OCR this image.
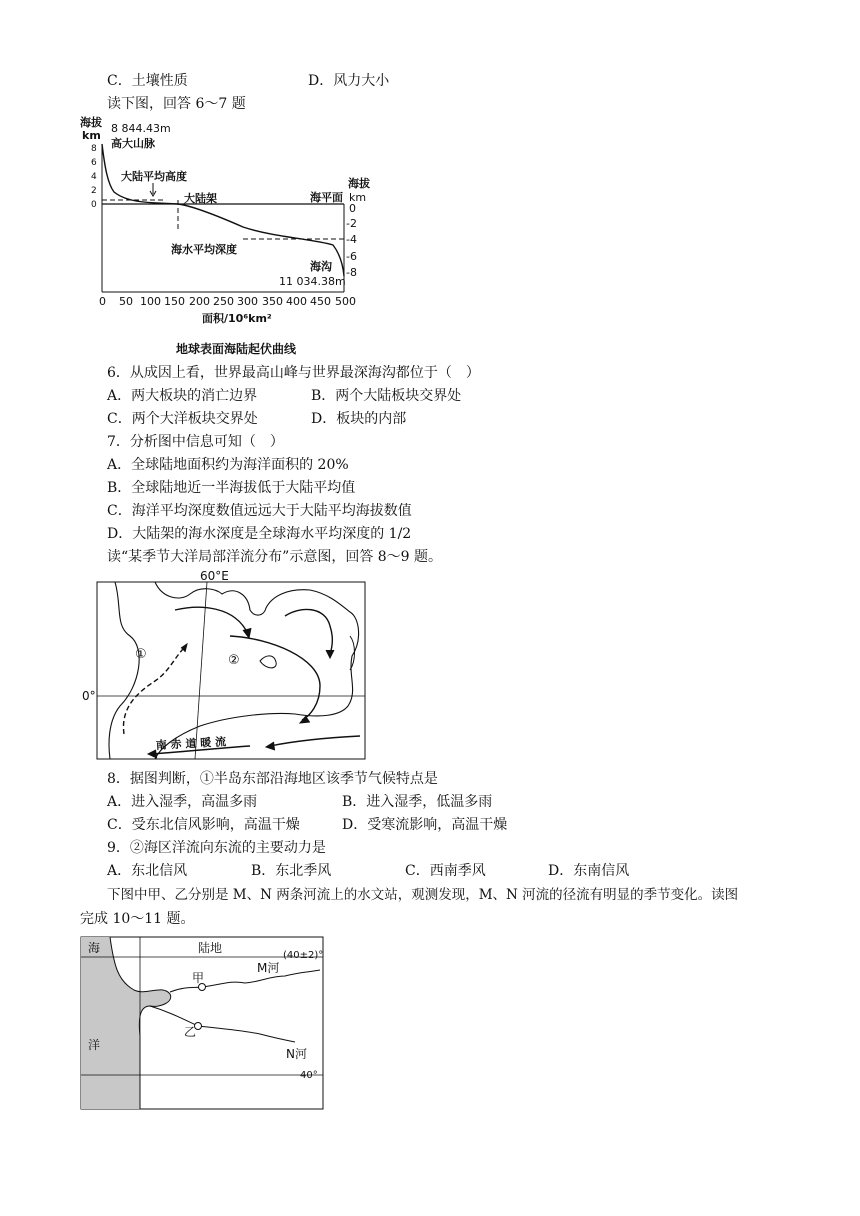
C．土壤性质	D．风力大小
读下图，回答 6～7 题
海拔
km
8 844.43m
高大山脉
大陆平均高度
大陆架	海平面
海拔
km
海水平均深度
海沟
11 034.38m
面积/10⁶km²
地球表面海陆起伏曲线
8
6
4
2
0	0
-2
-4
-6
-8
0 50 100 150 200 250 300 350 400 450 500
6．从成因上看，世界最高山峰与世界最深海沟都位于（　）
A．两大板块的消亡边界	B．两个大陆板块交界处
C．两个大洋板块交界处	D．板块的内部
7．分析图中信息可知（　）
A．全球陆地面积约为海洋面积的 20%
B．全球陆地近一半海拔低于大陆平均值
C．海洋平均深度数值远远大于大陆平均海拔数值
D．大陆架的海水深度是全球海水平均深度的 1/2
读“某季节大洋局部洋流分布”示意图，回答 8～9 题。
60°E
0°
①	②
南 赤 道 暖 流
8．据图判断，①半岛东部沿海地区该季节气候特点是
A．进入湿季，高温多雨	B．进入湿季，低温多雨
C．受东北信风影响，高温干燥	D．受寒流影响，高温干燥
9．②海区洋流向东流的主要动力是
A．东北信风	B．东北季风	C．西南季风	D．东南信风
下图中甲、乙分别是 M、N 两条河流上的水文站，观测发现，M、N 河流的径流有明显的季节变化。读图
完成 10～11 题。
海
洋
陆地
甲
乙
M河
N河
(40±2)°
40°
